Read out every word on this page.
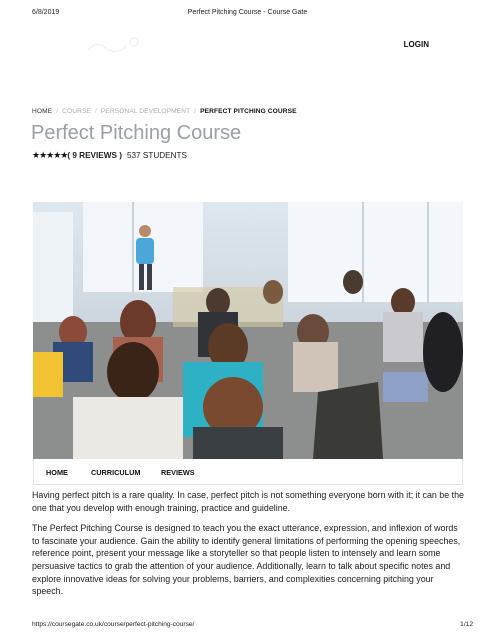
6/8/2019	Perfect Pitching Course - Course Gate
LOGIN
HOME / COURSE / PERSONAL DEVELOPMENT / PERFECT PITCHING COURSE
Perfect Pitching Course
★★★★★( 9 REVIEWS ) 537 STUDENTS
HOME	CURRICULUM	REVIEWS

Having perfect pitch is a rare quality. In case, perfect pitch is not something everyone born with it; it can be the one that you develop with enough training, practice and guideline.

The Perfect Pitching Course is designed to teach you the exact utterance, expression, and inflexion of words to fascinate your audience. Gain the ability to identify general limitations of performing the opening speeches, reference point, present your message like a storyteller so that people listen to intensely and learn some persuasive tactics to grab the attention of your audience. Additionally, learn to talk about specific notes and explore innovative ideas for solving your problems, barriers, and complexities concerning pitching your speech.

https://coursegate.co.uk/course/perfect-pitching-course/	1/12
